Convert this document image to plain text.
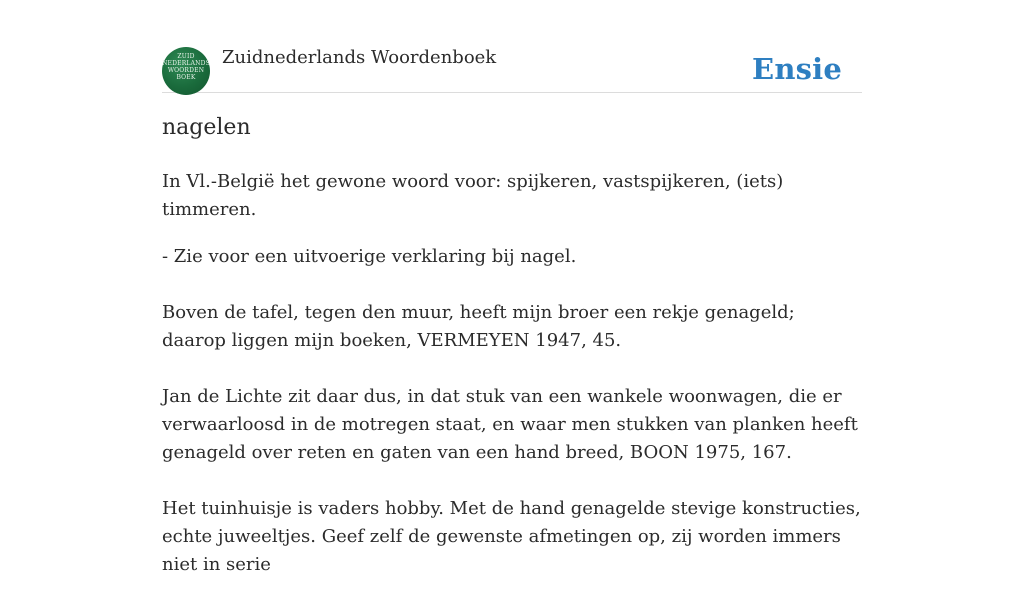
ZUID
NEDERLANDS
WOORDEN
BOEK
Zuidnederlands Woordenboek	Ensie
nagelen

In Vl.-België het gewone woord voor: spijkeren, vastspijkeren, (iets) timmeren.

- Zie voor een uitvoerige verklaring bij nagel.

Boven de tafel, tegen den muur, heeft mijn broer een rekje genageld; daarop liggen mijn boeken, VERMEYEN 1947, 45.

Jan de Lichte zit daar dus, in dat stuk van een wankele woonwagen, die er verwaarloosd in de motregen staat, en waar men stukken van planken heeft genageld over reten en gaten van een hand breed, BOON 1975, 167.

Het tuinhuisje is vaders hobby. Met de hand genagelde stevige konstructies, echte juweeltjes. Geef zelf de gewenste afmetingen op, zij worden immers niet in serie
